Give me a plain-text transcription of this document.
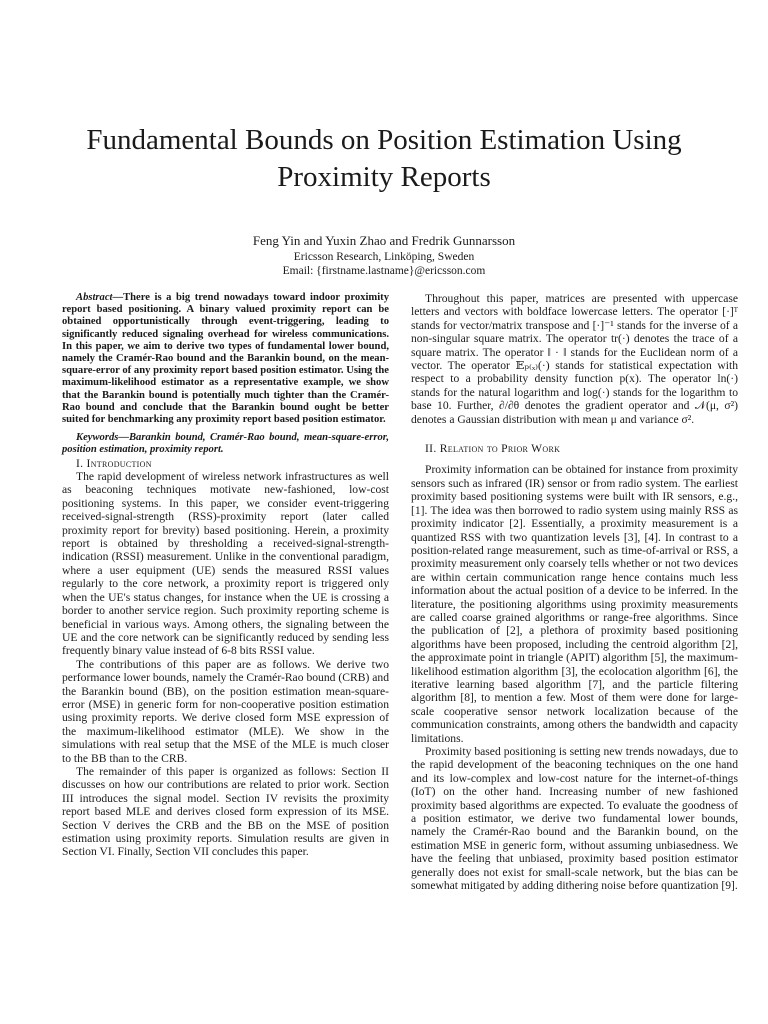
Fundamental Bounds on Position Estimation Using Proximity Reports
Feng Yin and Yuxin Zhao and Fredrik Gunnarsson
Ericsson Research, Linköping, Sweden
Email: {firstname.lastname}@ericsson.com

Abstract—There is a big trend nowadays toward indoor proximity report based positioning. A binary valued proximity report can be obtained opportunistically through event-triggering, leading to significantly reduced signaling overhead for wireless communications. In this paper, we aim to derive two types of fundamental lower bound, namely the Cramér-Rao bound and the Barankin bound, on the mean-square-error of any proximity report based position estimator. Using the maximum-likelihood estimator as a representative example, we show that the Barankin bound is potentially much tighter than the Cramér-Rao bound and conclude that the Barankin bound ought be better suited for benchmarking any proximity report based position estimator.

Keywords—Barankin bound, Cramér-Rao bound, mean-square-error, position estimation, proximity report.

I. Introduction

The rapid development of wireless network infrastructures as well as beaconing techniques motivate new-fashioned, low-cost positioning systems. In this paper, we consider event-triggering received-signal-strength (RSS)-proximity report (later called proximity report for brevity) based positioning. Herein, a proximity report is obtained by thresholding a received-signal-strength-indication (RSSI) measurement. Unlike in the conventional paradigm, where a user equipment (UE) sends the measured RSSI values regularly to the core network, a proximity report is triggered only when the UE's status changes, for instance when the UE is crossing a border to another service region. Such proximity reporting scheme is beneficial in various ways. Among others, the signaling between the UE and the core network can be significantly reduced by sending less frequently binary value instead of 6-8 bits RSSI value.

The contributions of this paper are as follows. We derive two performance lower bounds, namely the Cramér-Rao bound (CRB) and the Barankin bound (BB), on the position estimation mean-square-error (MSE) in generic form for non-cooperative position estimation using proximity reports. We derive closed form MSE expression of the maximum-likelihood estimator (MLE). We show in the simulations with real setup that the MSE of the MLE is much closer to the BB than to the CRB.

The remainder of this paper is organized as follows: Section II discusses on how our contributions are related to prior work. Section III introduces the signal model. Section IV revisits the proximity report based MLE and derives closed form expression of its MSE. Section V derives the CRB and the BB on the MSE of position estimation using proximity reports. Simulation results are given in Section VI. Finally, Section VII concludes this paper.

Throughout this paper, matrices are presented with uppercase letters and vectors with boldface lowercase letters. The operator [·]ᵀ stands for vector/matrix transpose and [·]⁻¹ stands for the inverse of a non-singular square matrix. The operator tr(·) denotes the trace of a square matrix. The operator ‖ · ‖ stands for the Euclidean norm of a vector. The operator 𝔼ₚ₍ₓ₎(·) stands for statistical expectation with respect to a probability density function p(x). The operator ln(·) stands for the natural logarithm and log(·) stands for the logarithm to base 10. Further, ∂/∂θ denotes the gradient operator and 𝒩(μ, σ²) denotes a Gaussian distribution with mean μ and variance σ².

II. Relation to Prior Work

Proximity information can be obtained for instance from proximity sensors such as infrared (IR) sensor or from radio system. The earliest proximity based positioning systems were built with IR sensors, e.g., [1]. The idea was then borrowed to radio system using mainly RSS as proximity indicator [2]. Essentially, a proximity measurement is a quantized RSS with two quantization levels [3], [4]. In contrast to a position-related range measurement, such as time-of-arrival or RSS, a proximity measurement only coarsely tells whether or not two devices are within certain communication range hence contains much less information about the actual position of a device to be inferred. In the literature, the positioning algorithms using proximity measurements are called coarse grained algorithms or range-free algorithms. Since the publication of [2], a plethora of proximity based positioning algorithms have been proposed, including the centroid algorithm [2], the approximate point in triangle (APIT) algorithm [5], the maximum-likelihood estimation algorithm [3], the ecolocation algorithm [6], the iterative learning based algorithm [7], and the particle filtering algorithm [8], to mention a few. Most of them were done for large-scale cooperative sensor network localization because of the communication constraints, among others the bandwidth and capacity limitations.

Proximity based positioning is setting new trends nowadays, due to the rapid development of the beaconing techniques on the one hand and its low-complex and low-cost nature for the internet-of-things (IoT) on the other hand. Increasing number of new fashioned proximity based algorithms are expected. To evaluate the goodness of a position estimator, we derive two fundamental lower bounds, namely the Cramér-Rao bound and the Barankin bound, on the estimation MSE in generic form, without assuming unbiasedness. We have the feeling that unbiased, proximity based position estimator generally does not exist for small-scale network, but the bias can be somewhat mitigated by adding dithering noise before quantization [9].
